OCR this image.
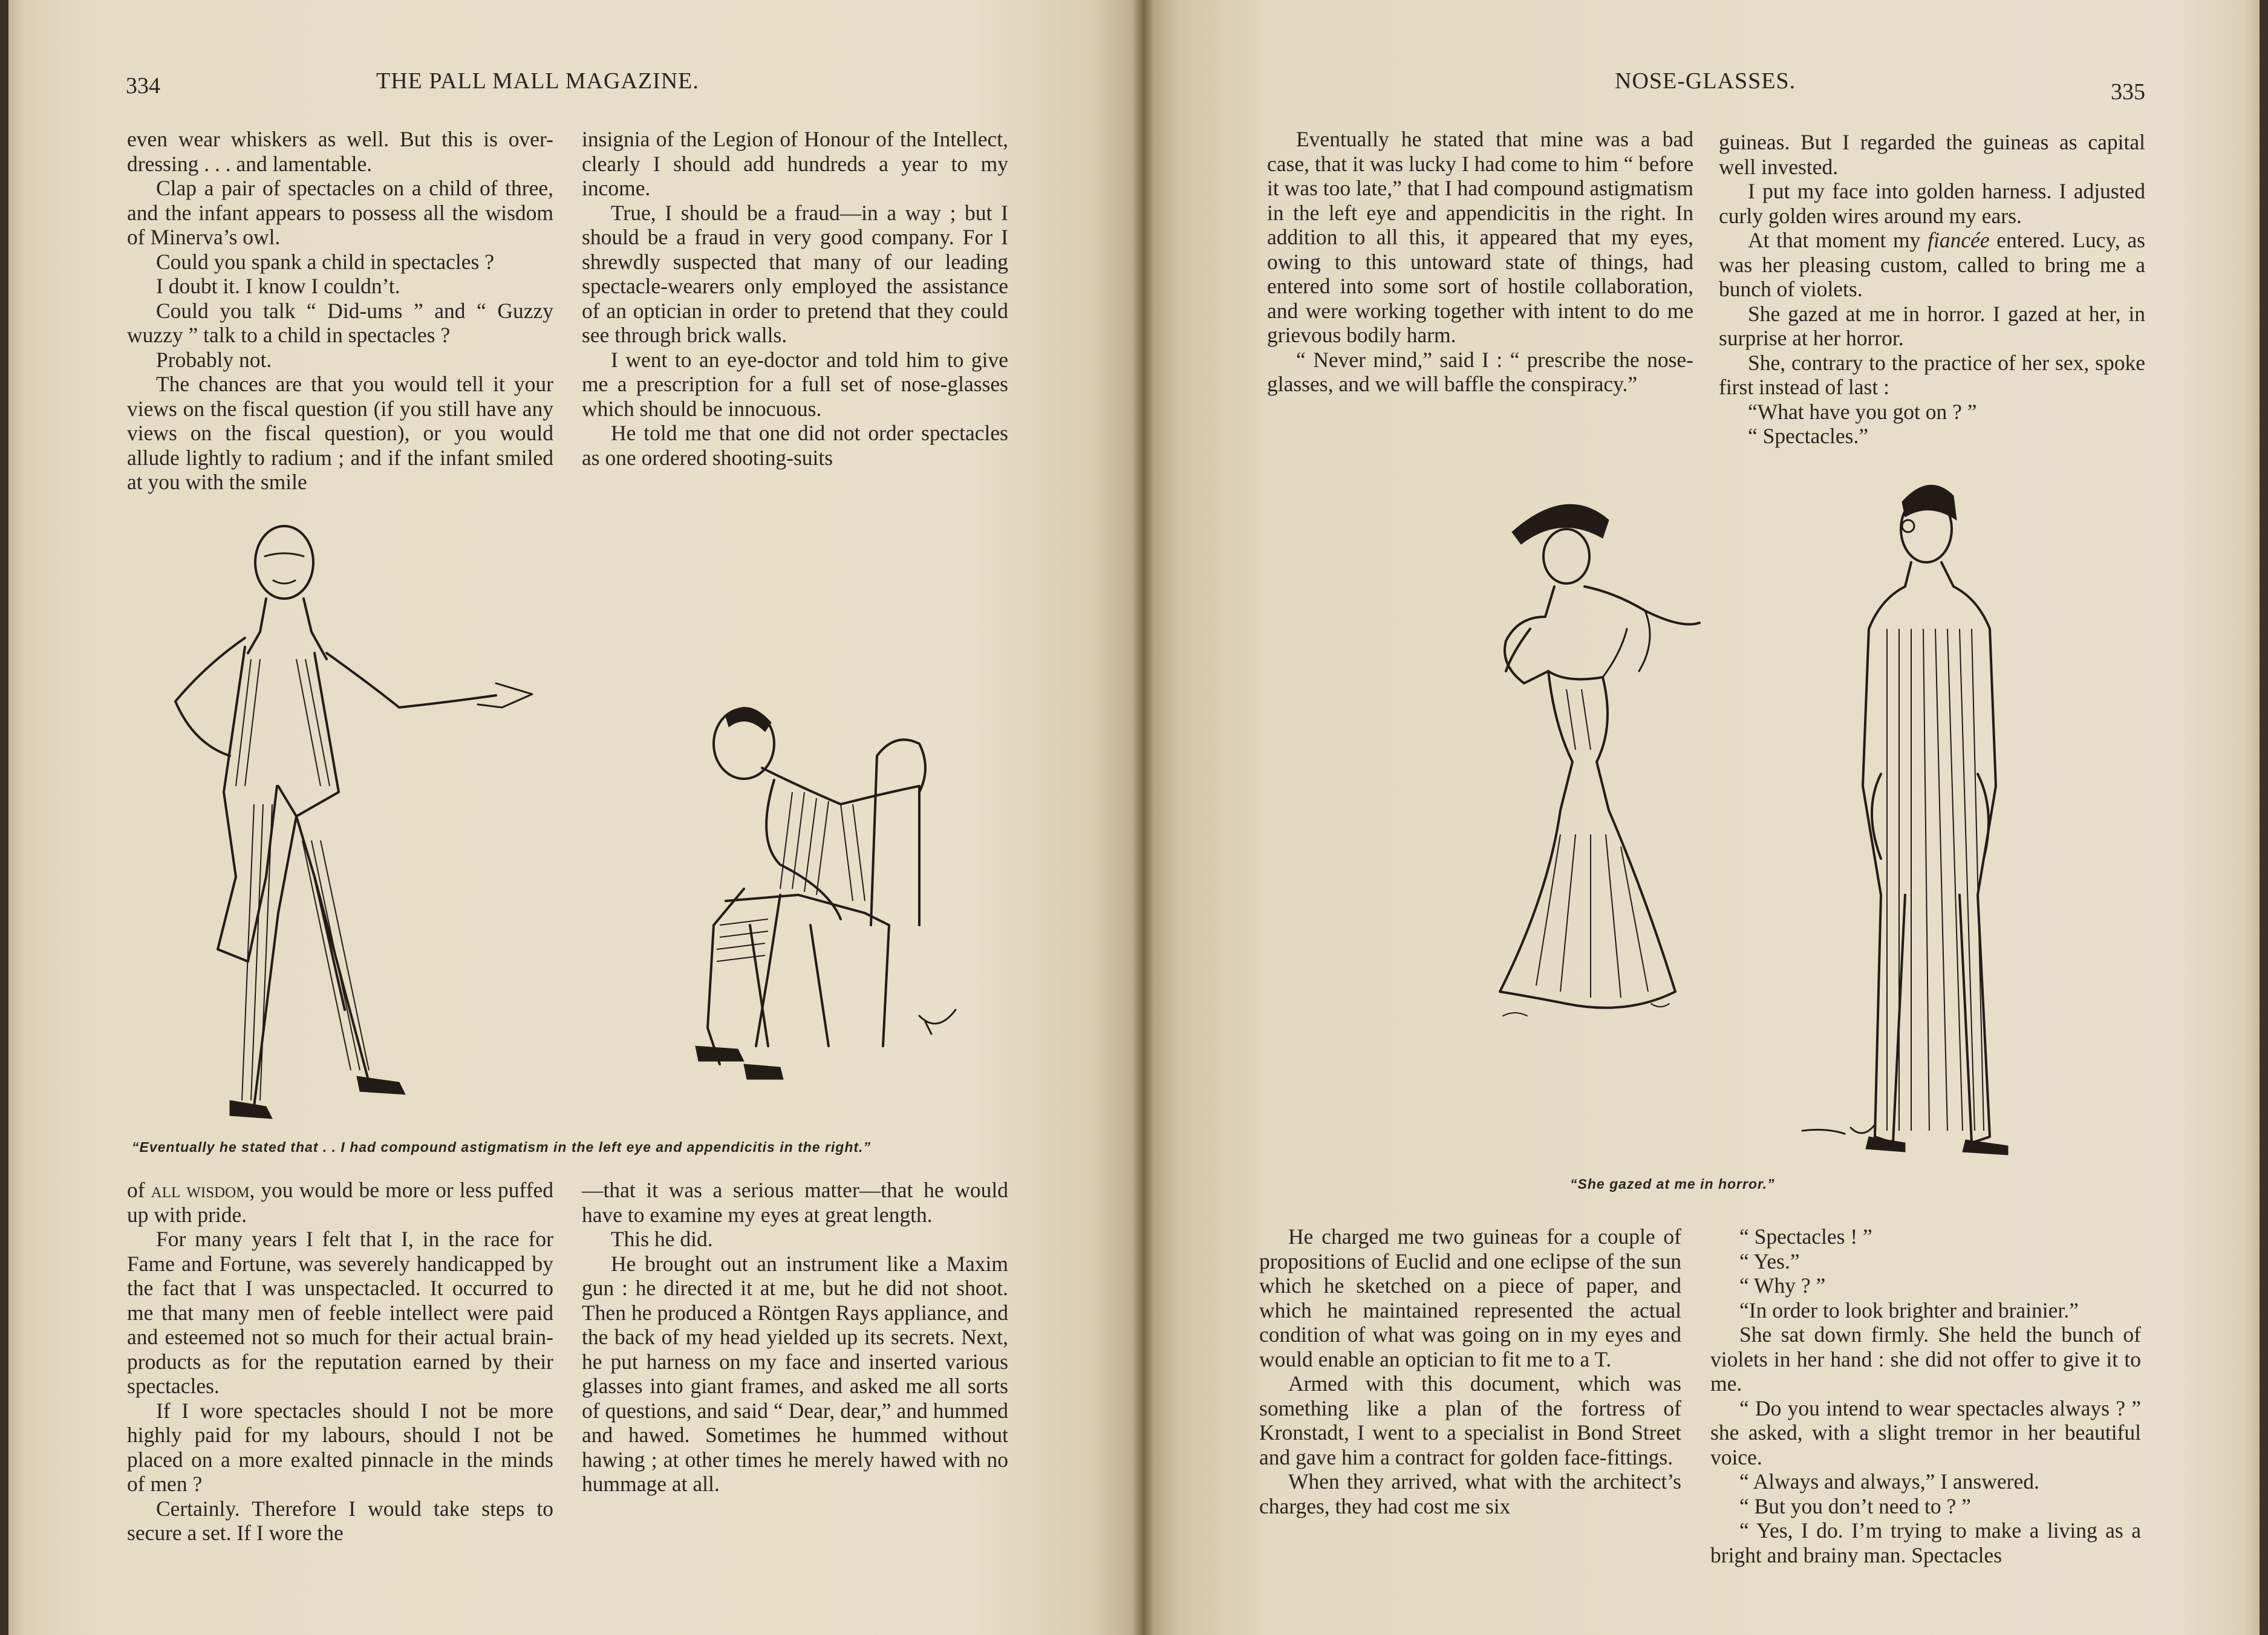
334	THE PALL MALL MAGAZINE.

even wear whiskers as well. But this is over-dressing . . . and lamentable.

Clap a pair of spectacles on a child of three, and the infant appears to possess all the wisdom of Minerva’s owl.

Could you spank a child in spectacles ?

I doubt it. I know I couldn’t.

Could you talk “ Did-ums ” and “ Guzzy wuzzy ” talk to a child in spectacles ?

Probably not.

The chances are that you would tell it your views on the fiscal question (if you still have any views on the fiscal question), or you would allude lightly to radium ; and if the infant smiled at you with the smile

insignia of the Legion of Honour of the Intellect, clearly I should add hundreds a year to my income.

True, I should be a fraud—in a way ; but I should be a fraud in very good company. For I shrewdly suspected that many of our leading spectacle-wearers only employed the assistance of an optician in order to pretend that they could see through brick walls.

I went to an eye-doctor and told him to give me a prescription for a full set of nose-glasses which should be innocuous.

He told me that one did not order spectacles as one ordered shooting-suits

“Eventually he stated that . . I had compound astigmatism in the left eye and appendicitis in the right.”

of all wisdom, you would be more or less puffed up with pride.

For many years I felt that I, in the race for Fame and Fortune, was severely handicapped by the fact that I was unspectacled. It occurred to me that many men of feeble intellect were paid and esteemed not so much for their actual brain-products as for the reputation earned by their spectacles.

If I wore spectacles should I not be more highly paid for my labours, should I not be placed on a more exalted pinnacle in the minds of men ?

Certainly. Therefore I would take steps to secure a set. If I wore the

—that it was a serious matter—that he would have to examine my eyes at great length.

This he did.

He brought out an instrument like a Maxim gun : he directed it at me, but he did not shoot. Then he produced a Röntgen Rays appliance, and the back of my head yielded up its secrets. Next, he put harness on my face and inserted various glasses into giant frames, and asked me all sorts of questions, and said “ Dear, dear,” and hummed and hawed. Sometimes he hummed without hawing ; at other times he merely hawed with no hummage at all.

NOSE-GLASSES.	335

Eventually he stated that mine was a bad case, that it was lucky I had come to him “ before it was too late,” that I had compound astigmatism in the left eye and appendicitis in the right. In addition to all this, it appeared that my eyes, owing to this untoward state of things, had entered into some sort of hostile collaboration, and were working together with intent to do me grievous bodily harm.

“ Never mind,” said I : “ prescribe the nose-glasses, and we will baffle the conspiracy.”

guineas. But I regarded the guineas as capital well invested.

I put my face into golden harness. I adjusted curly golden wires around my ears.

At that moment my fiancée entered. Lucy, as was her pleasing custom, called to bring me a bunch of violets.

She gazed at me in horror. I gazed at her, in surprise at her horror.

She, contrary to the practice of her sex, spoke first instead of last :

“What have you got on ? ”

“ Spectacles.”

“She gazed at me in horror.”

He charged me two guineas for a couple of propositions of Euclid and one eclipse of the sun which he sketched on a piece of paper, and which he maintained represented the actual condition of what was going on in my eyes and would enable an optician to fit me to a T.

Armed with this document, which was something like a plan of the fortress of Kronstadt, I went to a specialist in Bond Street and gave him a contract for golden face-fittings.

When they arrived, what with the architect’s charges, they had cost me six

“ Spectacles ! ”

“ Yes.”

“ Why ? ”

“In order to look brighter and brainier.”

She sat down firmly. She held the bunch of violets in her hand : she did not offer to give it to me.

“ Do you intend to wear spectacles always ? ” she asked, with a slight tremor in her beautiful voice.

“ Always and always,” I answered.

“ But you don’t need to ? ”

“ Yes, I do. I’m trying to make a living as a bright and brainy man. Spectacles
